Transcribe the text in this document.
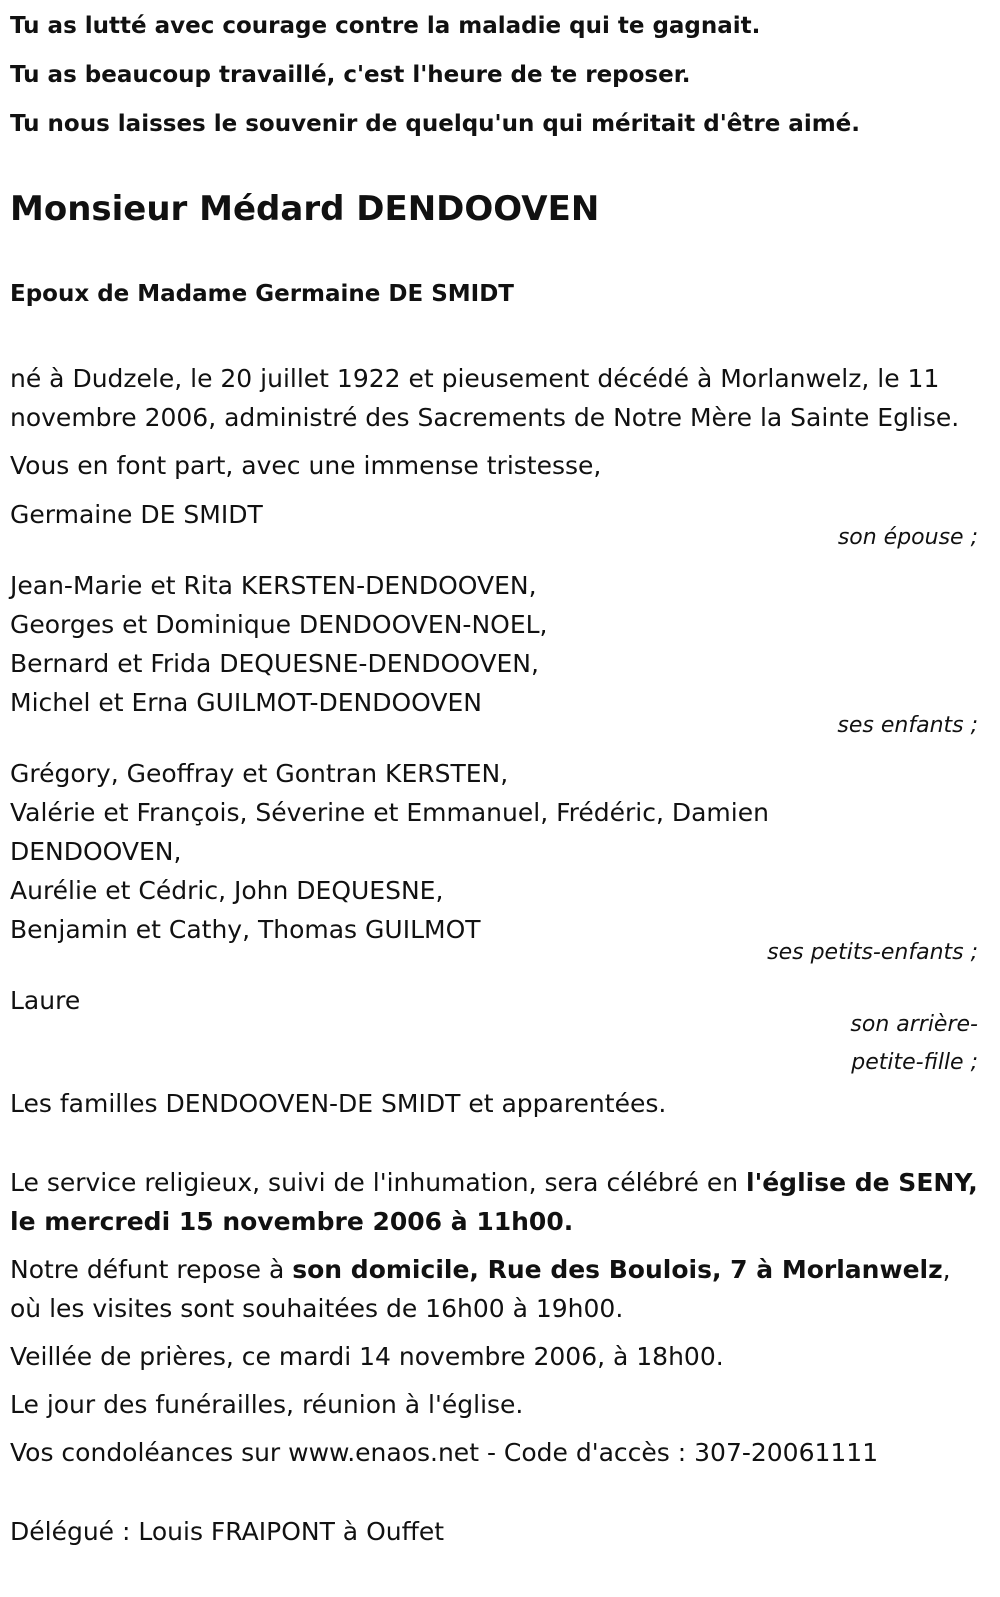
Tu as lutté avec courage contre la maladie qui te gagnait.

Tu as beaucoup travaillé, c'est l'heure de te reposer.

Tu nous laisses le souvenir de quelqu'un qui méritait d'être aimé.

Monsieur Médard DENDOOVEN

Epoux de Madame Germaine DE SMIDT

né à Dudzele, le 20 juillet 1922 et pieusement décédé à Morlanwelz, le 11 novembre 2006, administré des Sacrements de Notre Mère la Sainte Eglise.

Vous en font part, avec une immense tristesse,

Germaine DE SMIDT

son épouse ;

Jean-Marie et Rita KERSTEN-DENDOOVEN,

Georges et Dominique DENDOOVEN-NOEL,

Bernard et Frida DEQUESNE-DENDOOVEN,

Michel et Erna GUILMOT-DENDOOVEN

ses enfants ;

Grégory, Geoffray et Gontran KERSTEN,

Valérie et François, Séverine et Emmanuel, Frédéric, Damien DENDOOVEN,

Aurélie et Cédric, John DEQUESNE,

Benjamin et Cathy, Thomas GUILMOT

ses petits-enfants ;

Laure

son arrière-petite-fille ;

Les familles DENDOOVEN-DE SMIDT et apparentées.

Le service religieux, suivi de l'inhumation, sera célébré en l'église de SENY, le mercredi 15 novembre 2006 à 11h00.

Notre défunt repose à son domicile, Rue des Boulois, 7 à Morlanwelz, où les visites sont souhaitées de 16h00 à 19h00.

Veillée de prières, ce mardi 14 novembre 2006, à 18h00.

Le jour des funérailles, réunion à l'église.

Vos condoléances sur www.enaos.net - Code d'accès : 307-20061111

Délégué : Louis FRAIPONT à Ouffet
